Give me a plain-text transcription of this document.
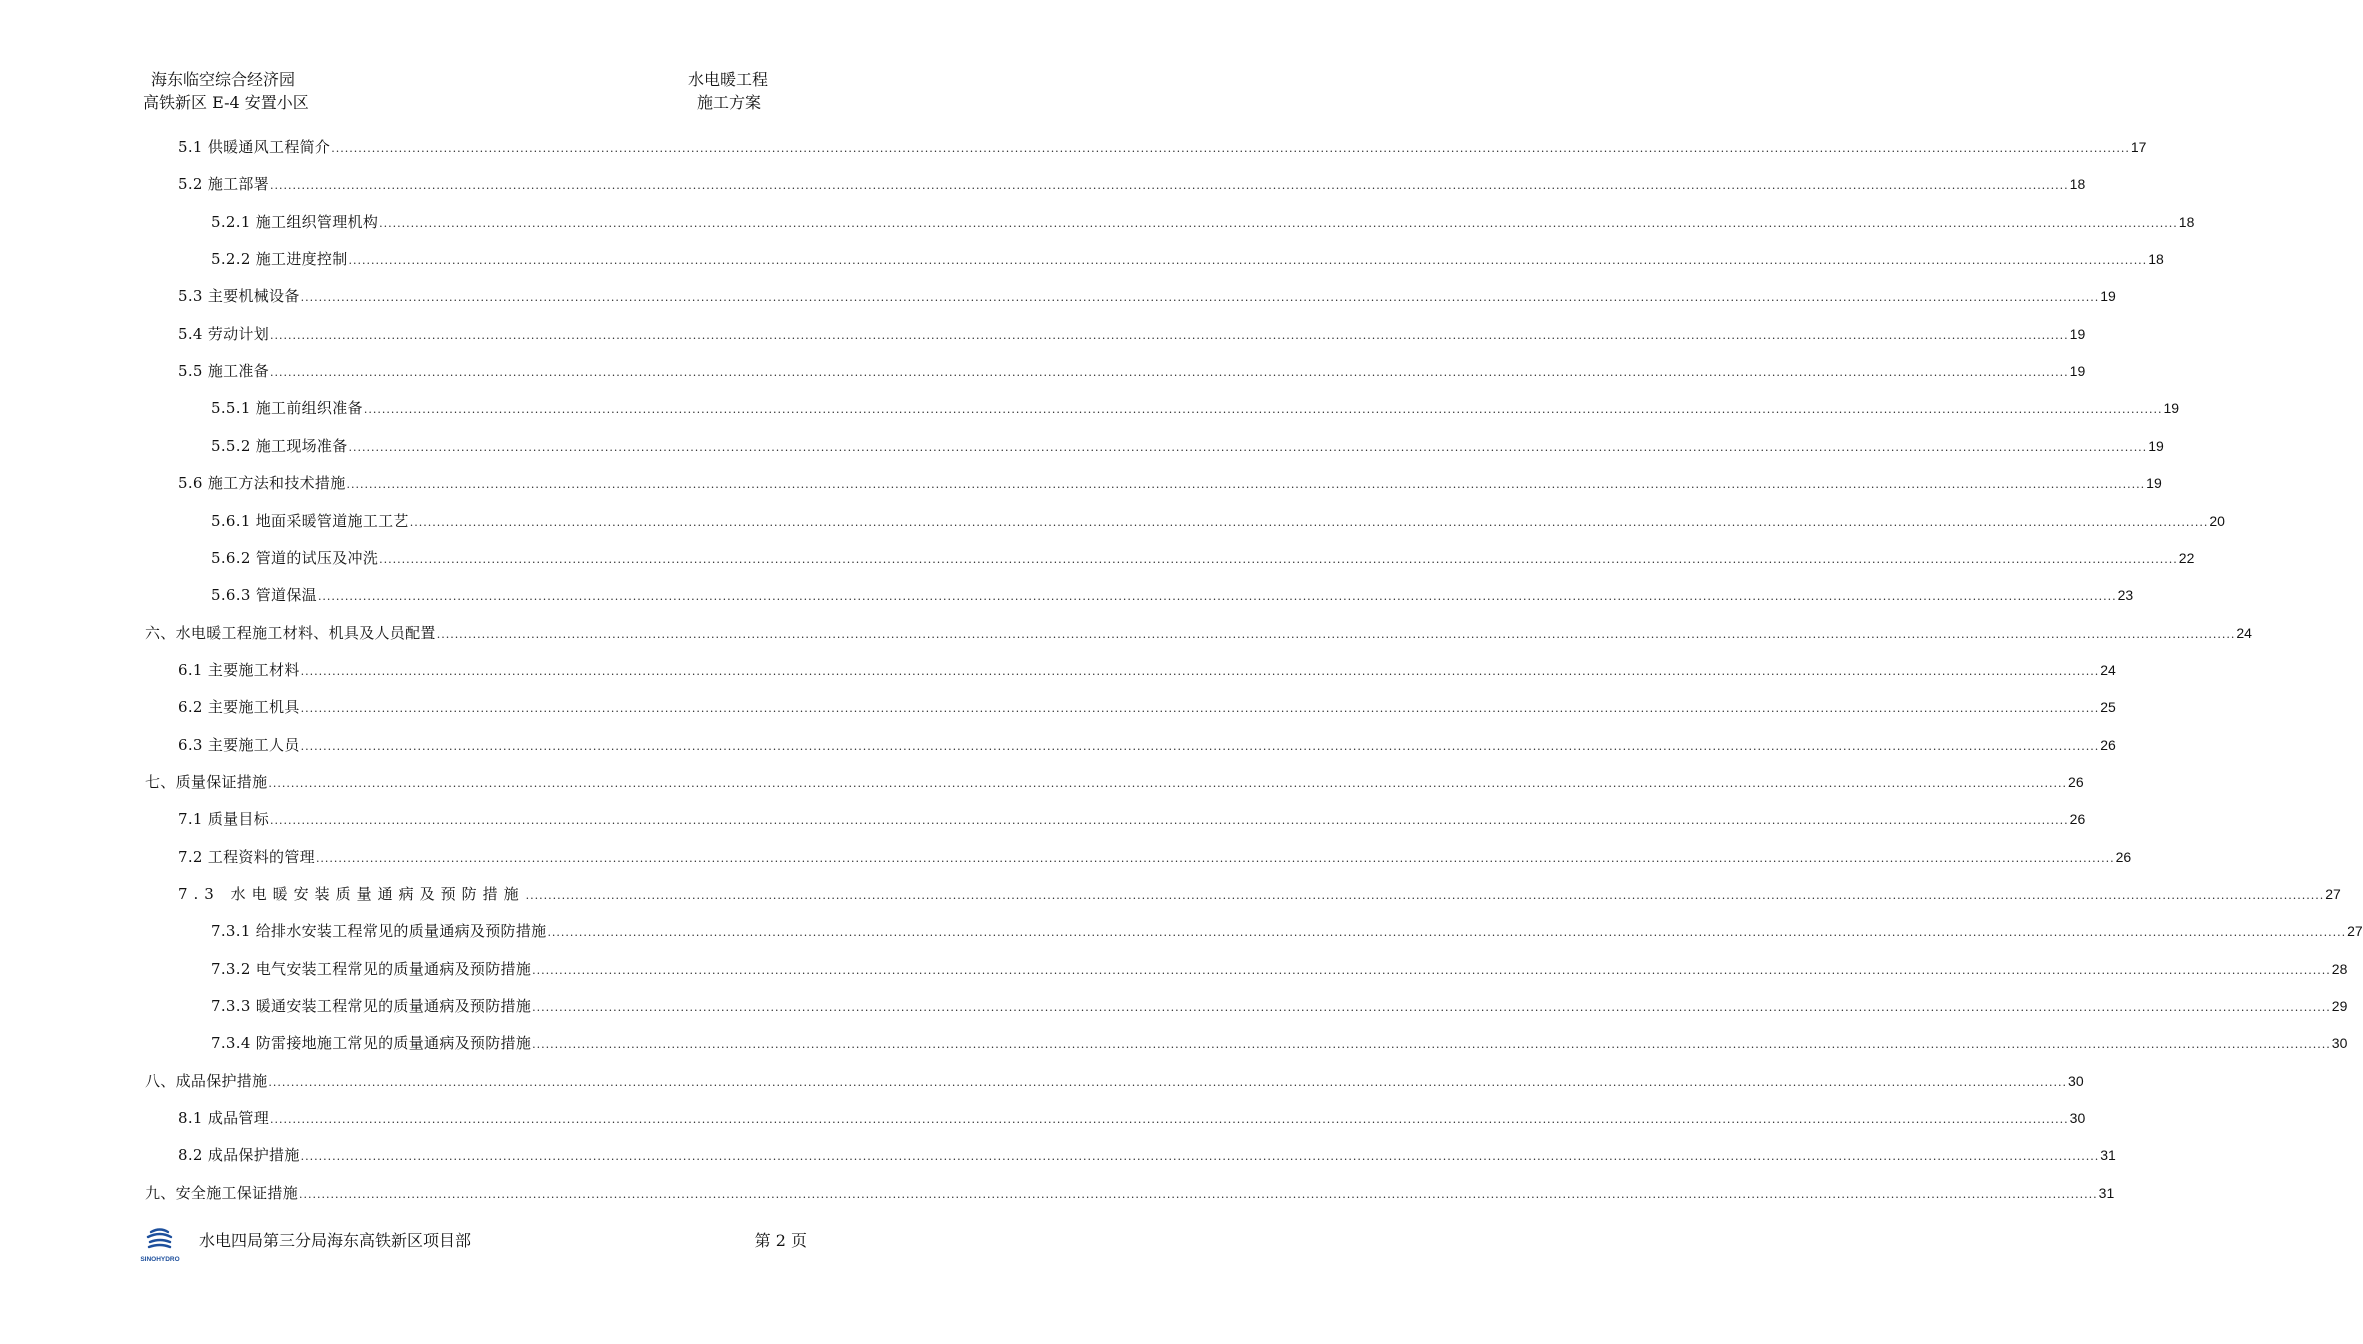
海东临空综合经济园
高铁新区 E-4 安置小区
水电暖工程
施工方案
5.1 供暖通风工程简介 ................................................................................................................................................................................................................................................................................................................................................................................................................ 17
5.2 施工部署 ................................................................................................................................................................................................................................................................................................................................................................................................................ 18
5.2.1 施工组织管理机构 ................................................................................................................................................................................................................................................................................................................................................................................................................ 18
5.2.2 施工进度控制 ................................................................................................................................................................................................................................................................................................................................................................................................................ 18
5.3 主要机械设备 ................................................................................................................................................................................................................................................................................................................................................................................................................ 19
5.4 劳动计划 ................................................................................................................................................................................................................................................................................................................................................................................................................ 19
5.5 施工准备 ................................................................................................................................................................................................................................................................................................................................................................................................................ 19
5.5.1 施工前组织准备 ................................................................................................................................................................................................................................................................................................................................................................................................................ 19
5.5.2 施工现场准备 ................................................................................................................................................................................................................................................................................................................................................................................................................ 19
5.6 施工方法和技术措施 ................................................................................................................................................................................................................................................................................................................................................................................................................ 19
5.6.1 地面采暖管道施工工艺 ................................................................................................................................................................................................................................................................................................................................................................................................................ 20
5.6.2 管道的试压及冲洗 ................................................................................................................................................................................................................................................................................................................................................................................................................ 22
5.6.3 管道保温 ................................................................................................................................................................................................................................................................................................................................................................................................................ 23
六、水电暖工程施工材料、机具及人员配置 ................................................................................................................................................................................................................................................................................................................................................................................................................ 24
6.1 主要施工材料 ................................................................................................................................................................................................................................................................................................................................................................................................................ 24
6.2 主要施工机具 ................................................................................................................................................................................................................................................................................................................................................................................................................ 25
6.3 主要施工人员 ................................................................................................................................................................................................................................................................................................................................................................................................................ 26
七、质量保证措施 ................................................................................................................................................................................................................................................................................................................................................................................................................ 26
7.1 质量目标 ................................................................................................................................................................................................................................................................................................................................................................................................................ 26
7.2 工程资料的管理 ................................................................................................................................................................................................................................................................................................................................................................................................................ 26
7.3 水电暖安装质量通病及预防措施 ................................................................................................................................................................................................................................................................................................................................................................................................................ 27
7.3.1 给排水安装工程常见的质量通病及预防措施 ................................................................................................................................................................................................................................................................................................................................................................................................................ 27
7.3.2 电气安装工程常见的质量通病及预防措施 ................................................................................................................................................................................................................................................................................................................................................................................................................ 28
7.3.3 暖通安装工程常见的质量通病及预防措施 ................................................................................................................................................................................................................................................................................................................................................................................................................ 29
7.3.4 防雷接地施工常见的质量通病及预防措施 ................................................................................................................................................................................................................................................................................................................................................................................................................ 30
八、成品保护措施 ................................................................................................................................................................................................................................................................................................................................................................................................................ 30
8.1 成品管理 ................................................................................................................................................................................................................................................................................................................................................................................................................ 30
8.2 成品保护措施 ................................................................................................................................................................................................................................................................................................................................................................................................................ 31
九、安全施工保证措施 ................................................................................................................................................................................................................................................................................................................................................................................................................ 31
SINOHYDRO
水电四局第三分局海东高铁新区项目部	第 2 页
